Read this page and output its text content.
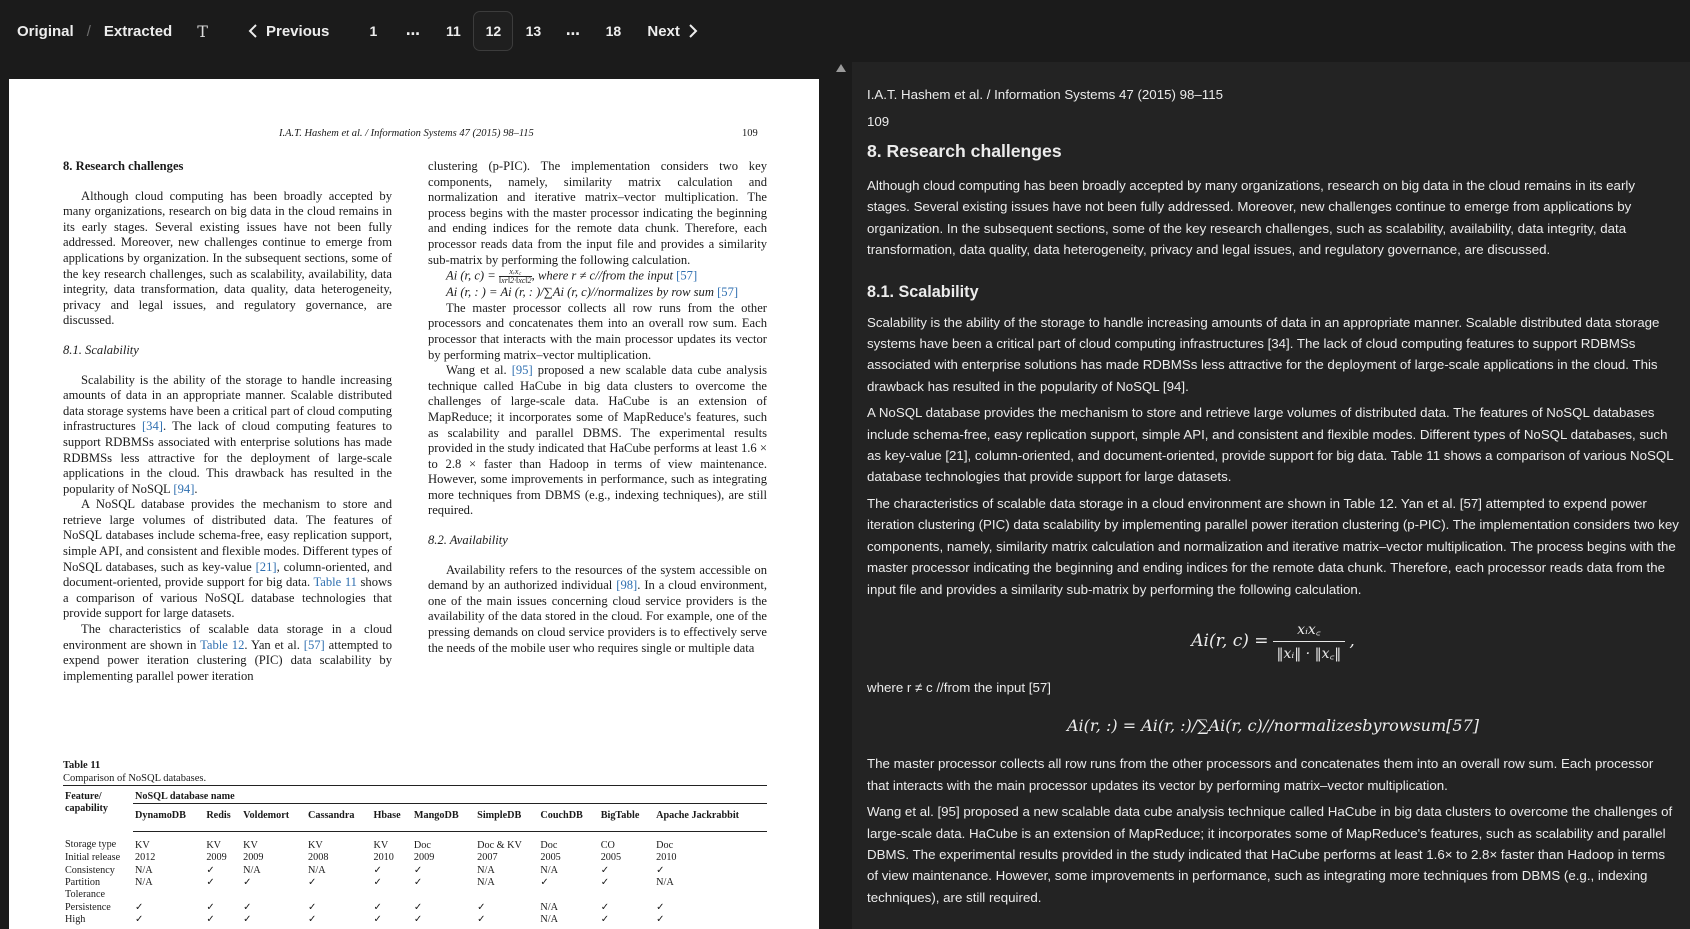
Original / Extracted T	Previous	1	…	11	12	13	…	18	Next
I.A.T. Hashem et al. / Information Systems 47 (2015) 98–115	109
8. Research challenges

Although cloud computing has been broadly accepted by many organizations, research on big data in the cloud remains in its early stages. Several existing issues have not been fully addressed. Moreover, new challenges continue to emerge from applications by organization. In the subsequent sections, some of the key research challenges, such as scalability, availability, data integrity, data transformation, data quality, data heterogeneity, privacy and legal issues, and regulatory governance, are discussed.

8.1. Scalability

Scalability is the ability of the storage to handle increasing amounts of data in an appropriate manner. Scalable distributed data storage systems have been a critical part of cloud computing infrastructures [34]. The lack of cloud computing features to support RDBMSs associated with enterprise solutions has made RDBMSs less attractive for the deployment of large-scale applications in the cloud. This drawback has resulted in the popularity of NoSQL [94].

A NoSQL database provides the mechanism to store and retrieve large volumes of distributed data. The features of NoSQL databases include schema-free, easy replication support, simple API, and consistent and flexible modes. Different types of NoSQL databases, such as key-value [21], column-oriented, and document-oriented, provide support for big data. Table 11 shows a comparison of various NoSQL database technologies that provide support for large datasets.

The characteristics of scalable data storage in a cloud environment are shown in Table 12. Yan et al. [57] attempted to expend power iteration clustering (PIC) data scalability by implementing parallel power iteration

clustering (p-PIC). The implementation considers two key components, namely, similarity matrix calculation and normalization and iterative matrix–vector multiplication. The process begins with the master processor indicating the beginning and ending indices for the remote data chunk. Therefore, each processor reads data from the input file and provides a similarity sub-matrix by performing the following calculation.

Ai (r, c) =	xᵣx꜀
‖xr‖2·‖xc‖2 , where r ≠ c//from the input [57]
Ai (r, : ) = Ai (r, : )/∑Ai (r, c)//normalizes by row sum [57]

The master processor collects all row runs from the other processors and concatenates them into an overall row sum. Each processor that interacts with the main processor updates its vector by performing matrix–vector multiplication.

Wang et al. [95] proposed a new scalable data cube analysis technique called HaCube in big data clusters to overcome the challenges of large-scale data. HaCube is an extension of MapReduce; it incorporates some of MapReduce's features, such as scalability and parallel DBMS. The experimental results provided in the study indicated that HaCube performs at least 1.6 × to 2.8 × faster than Hadoop in terms of view maintenance. However, some improvements in performance, such as integrating more techniques from DBMS (e.g., indexing techniques), are still required.

8.2. Availability

Availability refers to the resources of the system accessible on demand by an authorized individual [98]. In a cloud environment, one of the main issues concerning cloud service providers is the availability of the data stored in the cloud. For example, one of the pressing demands on cloud service providers is to effectively serve the needs of the mobile user who requires single or multiple data

Table 11
Comparison of NoSQL databases.
Feature/ capability	NoSQL database name									
	DynamoDB	Redis	Voldemort	Cassandra	Hbase	MangoDB	SimpleDB	CouchDB	BigTable	Apache Jackrabbit
Storage type	KV	KV	KV	KV	KV	Doc	Doc & KV	Doc	CO	Doc
Initial release	2012	2009	2009	2008	2010	2009	2007	2005	2005	2010
Consistency	N/A	✓	N/A	N/A	✓	✓	N/A	N/A	✓	✓
Partition Tolerance	N/A	✓	✓	✓	✓	✓	N/A	✓	✓	N/A
Persistence	✓	✓	✓	✓	✓	✓	✓	N/A	✓	✓
High	✓	✓	✓	✓	✓	✓	✓	N/A	✓	✓
I.A.T. Hashem et al. / Information Systems 47 (2015) 98–115
109
8. Research challenges
Although cloud computing has been broadly accepted by many organizations, research on big data in the cloud remains in its early stages. Several existing issues have not been fully addressed. Moreover, new challenges continue to emerge from applications by organization. In the subsequent sections, some of the key research challenges, such as scalability, availability, data integrity, data transformation, data quality, data heterogeneity, privacy and legal issues, and regulatory governance, are discussed.
8.1. Scalability
Scalability is the ability of the storage to handle increasing amounts of data in an appropriate manner. Scalable distributed data storage systems have been a critical part of cloud computing infrastructures [34]. The lack of cloud computing features to support RDBMSs associated with enterprise solutions has made RDBMSs less attractive for the deployment of large-scale applications in the cloud. This drawback has resulted in the popularity of NoSQL [94].
A NoSQL database provides the mechanism to store and retrieve large volumes of distributed data. The features of NoSQL databases include schema-free, easy replication support, simple API, and consistent and flexible modes. Different types of NoSQL databases, such as key-value [21], column-oriented, and document-oriented, provide support for big data. Table 11 shows a comparison of various NoSQL database technologies that provide support for large datasets.
The characteristics of scalable data storage in a cloud environment are shown in Table 12. Yan et al. [57] attempted to expend power iteration clustering (PIC) data scalability by implementing parallel power iteration clustering (p-PIC). The implementation considers two key components, namely, similarity matrix calculation and normalization and iterative matrix–vector multiplication. The process begins with the master processor indicating the beginning and ending indices for the remote data chunk. Therefore, each processor reads data from the input file and provides a similarity sub-matrix by performing the following calculation.
Ai(r, $c) = \frac{\text{xᵢx꜀}}{\text{‖xᵢ‖ · ‖x꜀‖}}$ ,
where r ≠ c //from the input [57]
Ai(r, :) = Ai(r, :)/∑Ai(r, c)//normalizesbyrowsum[57]
The master processor collects all row runs from the other processors and concatenates them into an overall row sum. Each processor that interacts with the main processor updates its vector by performing matrix–vector multiplication.
Wang et al. [95] proposed a new scalable data cube analysis technique called HaCube in big data clusters to overcome the challenges of large-scale data. HaCube is an extension of MapReduce; it incorporates some of MapReduce's features, such as scalability and parallel DBMS. The experimental results provided in the study indicated that HaCube performs at least 1.6× to 2.8× faster than Hadoop in terms of view maintenance. However, some improvements in performance, such as integrating more techniques from DBMS (e.g., indexing techniques), are still required.
